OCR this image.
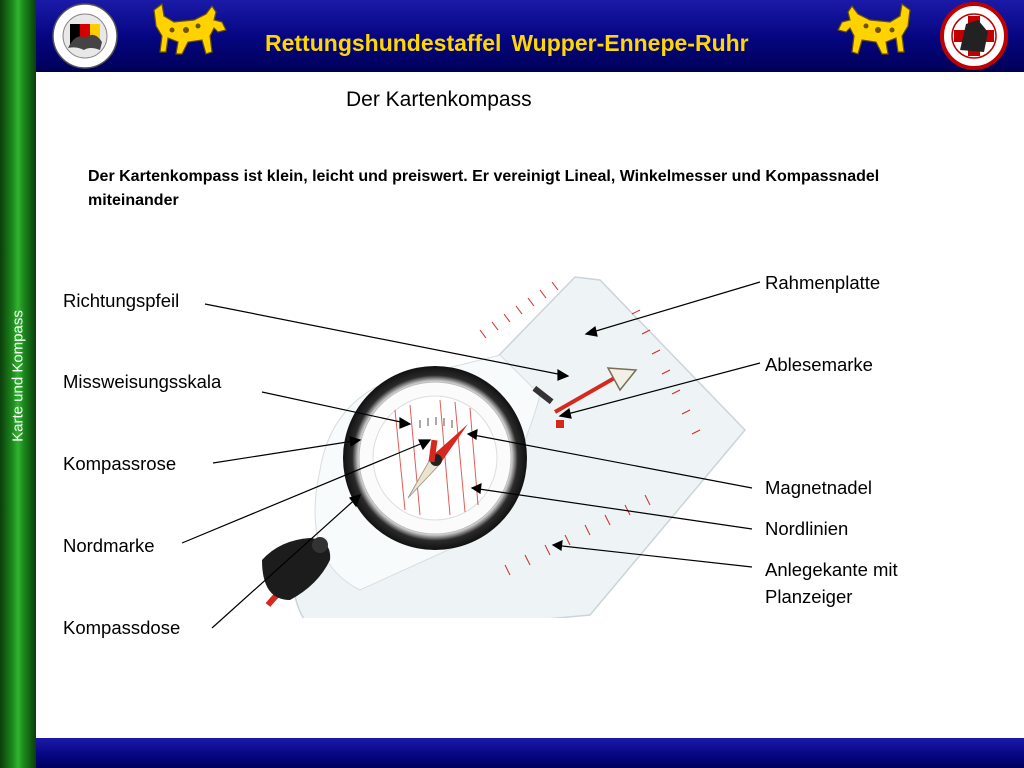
Karte und Kompass
Rettungshundestaffel Wupper-Ennepe-Ruhr
Der Kartenkompass
Der Kartenkompass ist klein, leicht und preiswert. Er vereinigt Lineal, Winkelmesser und Kompassnadel miteinander
Richtungspfeil
Missweisungsskala
Kompassrose
Nordmarke
Kompassdose
Rahmenplatte
Ablesemarke
Magnetnadel
Nordlinien
Anlegekante mit
Planzeiger
